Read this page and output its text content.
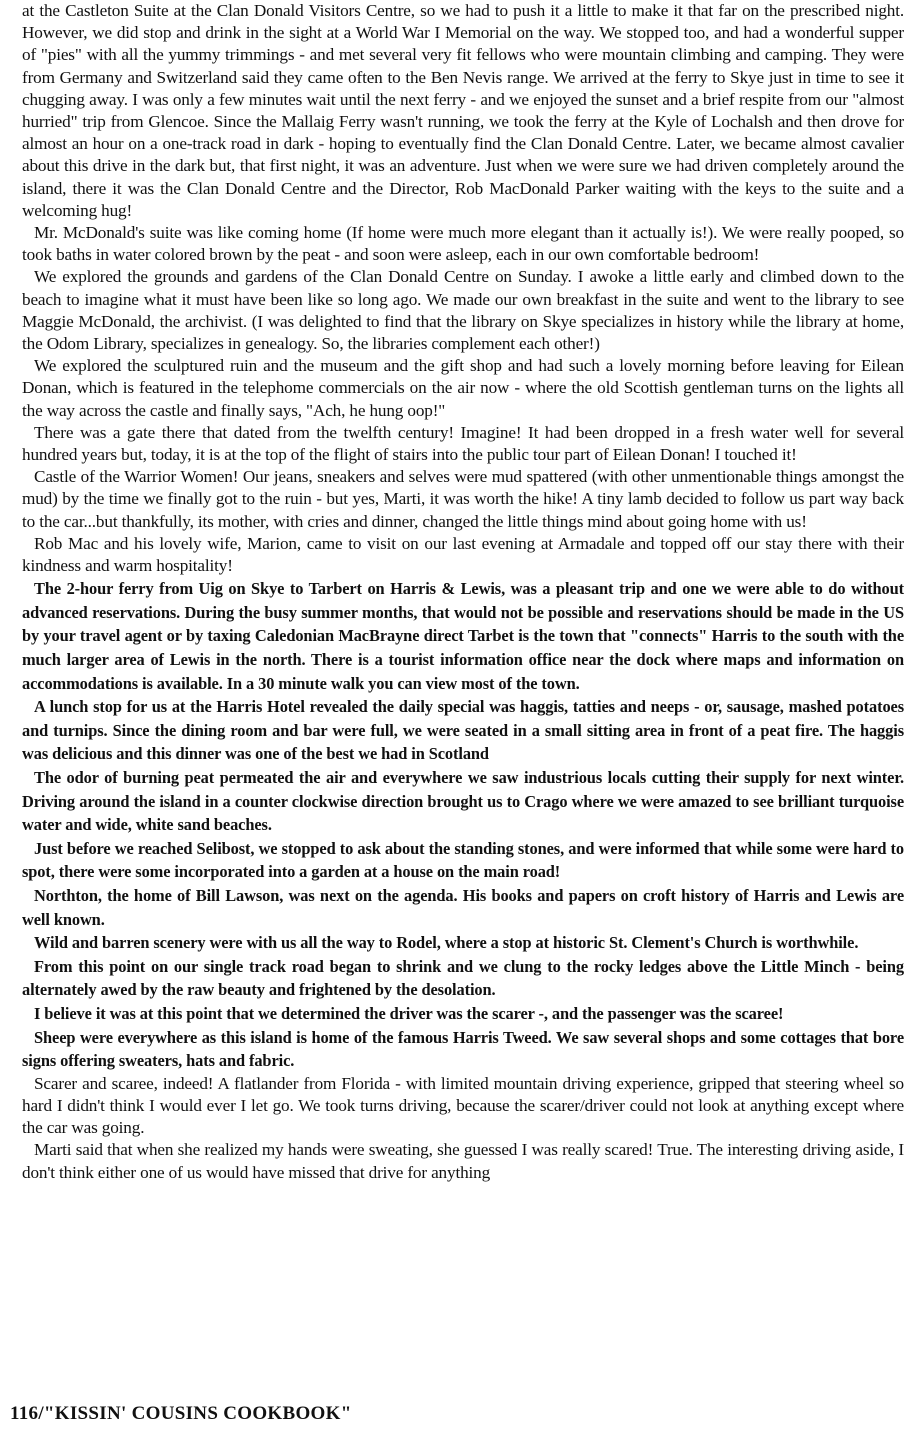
at the Castleton Suite at the Clan Donald Visitors Centre, so we had to push it a little to make it that far on the prescribed night. However, we did stop and drink in the sight at a World War I Memorial on the way. We stopped too, and had a wonderful supper of "pies" with all the yummy trimmings - and met several very fit fellows who were mountain climbing and camping. They were from Germany and Switzerland said they came often to the Ben Nevis range. We arrived at the ferry to Skye just in time to see it chugging away. I was only a few minutes wait until the next ferry - and we enjoyed the sunset and a brief respite from our "almost hurried" trip from Glencoe. Since the Mallaig Ferry wasn't running, we took the ferry at the Kyle of Lochalsh and then drove for almost an hour on a one-track road in dark - hoping to eventually find the Clan Donald Centre. Later, we became almost cavalier about this drive in the dark but, that first night, it was an adventure. Just when we were sure we had driven completely around the island, there it was the Clan Donald Centre and the Director, Rob MacDonald Parker waiting with the keys to the suite and a welcoming hug!

Mr. McDonald's suite was like coming home (If home were much more elegant than it actually is!). We were really pooped, so took baths in water colored brown by the peat - and soon were asleep, each in our own comfortable bedroom!

We explored the grounds and gardens of the Clan Donald Centre on Sunday. I awoke a little early and climbed down to the beach to imagine what it must have been like so long ago. We made our own breakfast in the suite and went to the library to see Maggie McDonald, the archivist. (I was delighted to find that the library on Skye specializes in history while the library at home, the Odom Library, specializes in genealogy. So, the libraries complement each other!)

We explored the sculptured ruin and the museum and the gift shop and had such a lovely morning before leaving for Eilean Donan, which is featured in the telephome commercials on the air now - where the old Scottish gentleman turns on the lights all the way across the castle and finally says, "Ach, he hung oop!"

There was a gate there that dated from the twelfth century! Imagine! It had been dropped in a fresh water well for several hundred years but, today, it is at the top of the flight of stairs into the public tour part of Eilean Donan! I touched it!

Castle of the Warrior Women! Our jeans, sneakers and selves were mud spattered (with other unmentionable things amongst the mud) by the time we finally got to the ruin - but yes, Marti, it was worth the hike! A tiny lamb decided to follow us part way back to the car...but thankfully, its mother, with cries and dinner, changed the little things mind about going home with us!

Rob Mac and his lovely wife, Marion, came to visit on our last evening at Armadale and topped off our stay there with their kindness and warm hospitality!

The 2-hour ferry from Uig on Skye to Tarbert on Harris & Lewis, was a pleasant trip and one we were able to do without advanced reservations. During the busy summer months, that would not be possible and reservations should be made in the US by your travel agent or by taxing Caledonian MacBrayne direct Tarbet is the town that "connects" Harris to the south with the much larger area of Lewis in the north. There is a tourist information office near the dock where maps and information on accommodations is available. In a 30 minute walk you can view most of the town.

A lunch stop for us at the Harris Hotel revealed the daily special was haggis, tatties and neeps - or, sausage, mashed potatoes and turnips. Since the dining room and bar were full, we were seated in a small sitting area in front of a peat fire. The haggis was delicious and this dinner was one of the best we had in Scotland

The odor of burning peat permeated the air and everywhere we saw industrious locals cutting their supply for next winter. Driving around the island in a counter clockwise direction brought us to Crago where we were amazed to see brilliant turquoise water and wide, white sand beaches.

Just before we reached Selibost, we stopped to ask about the standing stones, and were informed that while some were hard to spot, there were some incorporated into a garden at a house on the main road!

Northton, the home of Bill Lawson, was next on the agenda. His books and papers on croft history of Harris and Lewis are well known.

Wild and barren scenery were with us all the way to Rodel, where a stop at historic St. Clement's Church is worthwhile.

From this point on our single track road began to shrink and we clung to the rocky ledges above the Little Minch - being alternately awed by the raw beauty and frightened by the desolation.

I believe it was at this point that we determined the driver was the scarer -, and the passenger was the scaree!

Sheep were everywhere as this island is home of the famous Harris Tweed. We saw several shops and some cottages that bore signs offering sweaters, hats and fabric.

Scarer and scaree, indeed! A flatlander from Florida - with limited mountain driving experience, gripped that steering wheel so hard I didn't think I would ever I let go. We took turns driving, because the scarer/driver could not look at anything except where the car was going.

Marti said that when she realized my hands were sweating, she guessed I was really scared! True. The interesting driving aside, I don't think either one of us would have missed that drive for anything

116/"KISSIN' COUSINS COOKBOOK"
